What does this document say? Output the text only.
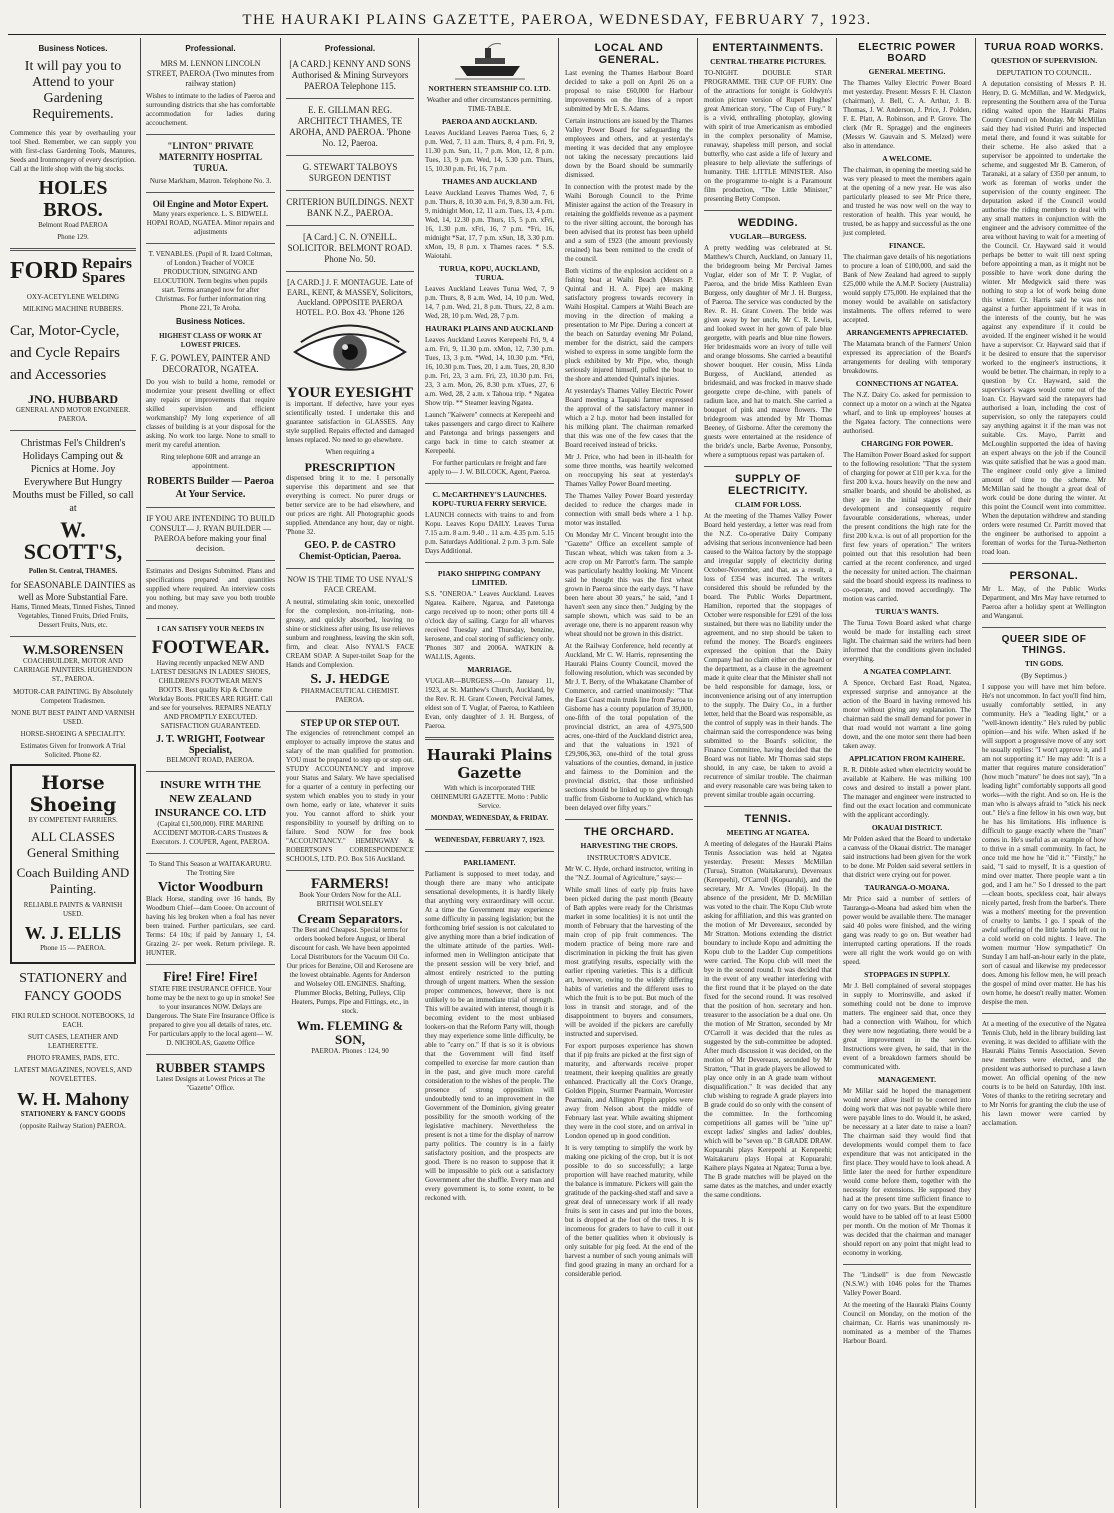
THE HAURAKI PLAINS GAZETTE, PAEROA, WEDNESDAY, FEBRUARY 7, 1923.
Business Notices.
It will pay you to Attend to your Gardening Requirements.

Commence this year by overhauling your tool Shed. Remember, we can supply you with first-class Gardening Tools, Manures, Seeds and Ironmongery of every description. Call at the little shop with the big stocks.

HOLES BROS.
Belmont Road PAEROA
Phone 129.
FORD Repairs
Spares
OXY-ACETYLENE WELDING
MILKING MACHINE RUBBERS.
Car, Motor-Cycle, and Cycle Repairs and Accessories
JNO. HUBBARD
GENERAL AND MOTOR ENGINEER. PAEROA.
Christmas Fel's Children's Holidays Camping out & Picnics at Home. Joy Everywhere But Hungry Mouths must be Filled, so call at
W. SCOTT'S,
Pollen St. Central, THAMES.
for SEASONABLE DAINTIES as well as More Substantial Fare.

Hams, Tinned Meats, Tinned Fishes, Tinned Vegetables, Tinned Fruits, Dried Fruits, Dessert Fruits, Nuts, etc.

W.M.SORENSEN
COACHBUILDER, MOTOR AND CARRIAGE PAINTERS. HUGHENDON ST., PAEROA.
MOTOR-CAR PAINTING. By Absolutely Competent Tradesmen.
NONE BUT BEST PAINT AND VARNISH USED.
HORSE-SHOEING A SPECIALITY.
Estimates Given for Ironwork A Trial Solicited. Phone 82.
Horse Shoeing
BY COMPETENT FARRIERS.
ALL CLASSES General Smithing
Coach Building AND Painting.
RELIABLE PAINTS & VARNISH USED.
W. J. ELLIS
Phone 15 — PAEROA.
STATIONERY and FANCY GOODS
FIKI RULED SCHOOL NOTEBOOKS, 1d EACH.
SUIT CASES, LEATHER AND LEATHERETTE.
PHOTO FRAMES, PADS, ETC.
LATEST MAGAZINES, NOVELS, AND NOVELETTES.
W. H. Mahony
STATIONERY & FANCY GOODS
(opposite Railway Station) PAEROA.
Professional.
MRS M. LENNON LINCOLN STREET, PAEROA (Two minutes from railway station)

Wishes to intimate to the ladies of Paeroa and surrounding districts that she has comfortable accommodation for ladies during accouchement.

"LINTON" PRIVATE MATERNITY HOSPITAL TURUA.
Nurse Markham, Matron. Telephone No. 3.
Oil Engine and Motor Expert.
Many years experience. L. S. BIDWELL HOPAI ROAD, NGATEA. Minor repairs and adjustments
T. VENABLES. (Pupil of R. Izard Coltman, of London.) Teacher of VOICE PRODUCTION, SINGING AND ELOCUTION. Term begins when pupils start. Terms arranged now for after Christmas. For further information ring Phone 221, Te Aroha.
Business Notices.
HIGHEST CLASS OF WORK AT LOWEST PRICES.
F. G. POWLEY, PAINTER AND DECORATOR, NGATEA.

Do you wish to build a home, remodel or modernize your present dwelling or effect any repairs or improvements that require skilled supervision and efficient workmanship? My long experience of all classes of building is at your disposal for the asking. No work too large. None to small to merit my careful attention.

Ring telephone 60R and arrange an appointment.
ROBERTS Builder — Paeroa At Your Service.
IF YOU ARE INTENDING TO BUILD CONSULT— J. RYAN BUILDER — PAEROA before making your final decision.

Estimates and Designs Submitted. Plans and specifications prepared and quantities supplied where required. An interview costs you nothing, but may save you both trouble and money.

I CAN SATISFY YOUR NEEDS IN
FOOTWEAR.
Having recently unpacked NEW AND LATEST DESIGNS IN LADIES' SHOES, CHILDREN'S FOOTWEAR MEN'S BOOTS. Best quality Kip & Chrome Workday Boots. PRICES ARE RIGHT. Call and see for yourselves. REPAIRS NEATLY AND PROMPTLY EXECUTED. SATISFACTION GUARANTEED.
J. T. WRIGHT, Footwear Specialist,
BELMONT ROAD, PAEROA.
INSURE WITH THE NEW ZEALAND INSURANCE CO. LTD
(Capital £1,500,000). FIRE MARINE ACCIDENT MOTOR-CARS Trustees & Executors. J. COUPER, Agent, PAEROA.
To Stand This Season at WAITAKARURU. The Trotting Sire
Victor Woodburn

Black Horse, standing over 16 hands, By Woodburn Chief—dam Cooee. On account of having his leg broken when a foal has never been trained. Further particulars, see card. Terms: £4 10s; if paid by January 1, £4. Grazing 2/- per week. Return privilege. R. HUNTER.

Fire! Fire! Fire!

STATE FIRE INSURANCE OFFICE. Your home may be the next to go up in smoke! See to your insurances NOW. Delays are Dangerous. The State Fire Insurance Office is prepared to give you all details of rates, etc. For particulars apply to the local agent— W. D. NICHOLAS, Gazette Office

RUBBER STAMPS
Latest Designs at Lowest Prices at The "Gazette" Office.
Professional.
[A CARD.] KENNY AND SONS Authorised & Mining Surveyors PAEROA Telephone 115.
E. E. GILLMAN REG. ARCHITECT THAMES, TE AROHA, AND PAEROA. 'Phone No. 12, Paeroa.
G. STEWART TALBOYS SURGEON DENTIST
CRITERION BUILDINGS. NEXT BANK N.Z., PAEROA.
[A Card.] C. N. O'NEILL. SOLICITOR. BELMONT ROAD. Phone No. 50.
[A CARD.] J. F. MONTAGUE. Late of EARL, KENT, & MASSEY, Solicitors, Auckland. OPPOSITE PAEROA HOTEL. P.O. Box 43. 'Phone 126
YOUR EYESIGHT

is important. If defective, have your eyes scientifically tested. I undertake this and guarantee satisfaction in GLASSES. Any style supplied. Repairs effected and damaged lenses replaced. No need to go elsewhere.

When requiring a
PRESCRIPTION

dispensed bring it to me. I personally supervise this department and see that everything is correct. No purer drugs or better service are to be had elsewhere, and our prices are right. All Photographic goods supplied. Attendance any hour, day or night. 'Phone 32.

GEO. P. de CASTRO
Chemist-Optician, Paeroa.
NOW IS THE TIME TO USE NYAL'S FACE CREAM.

A neutral, stimulating skin tonic, unexcelled for the complexion, non-irritating, non-greasy, and quickly absorbed, leaving no shine or stickiness after using. Its use relieves sunburn and roughness, leaving the skin soft, firm, and clear. Also NYAL'S FACE CREAM SOAP. A Super-toilet Soap for the Hands and Complexion.

S. J. HEDGE
PHARMACEUTICAL CHEMIST. PAEROA.
STEP UP OR STEP OUT.

The exigencies of retrenchment compel an employer to actually improve the status and salary of the man qualified for promotion. YOU must be prepared to step up or step out. STUDY ACCOUNTANCY and improve your Status and Salary. We have specialised for a quarter of a century in perfecting our system which enables you to study in your own home, early or late, whatever it suits you. You cannot afford to shirk your responsibility to yourself by drifting on to failure. Send NOW for free book "ACCOUNTANCY." HEMINGWAY & ROBERTSON'S CORRESPONDENCE SCHOOLS, LTD. P.O. Box 516 Auckland.

FARMERS!
Book Your Orders Now for the ALL BRITISH WOLSELEY
Cream Separators.

The Best and Cheapest. Special terms for orders booked before August, or liberal discount for cash. We have been appointed Local Distributors for the Vacuum Oil Co. Our prices for Benzine, Oil and Kerosene are the lowest obtainable. Agents for Anderson and Wolseley OIL ENGINES. Shafting, Plummer Blocks, Belting, Pulleys, Clip Heaters, Pumps, Pipe and Fittings, etc., in stock.

Wm. FLEMING & SON,
PAEROA. Phones : 124, 90
NORTHERN STEAMSHIP CO. LTD.
Weather and other circumstances permitting. TIME-TABLE.
PAEROA AND AUCKLAND.

Leaves Auckland Leaves Paeroa Tues, 6, 2 p.m. Wed, 7, 11 a.m. Thurs, 8, 4 p.m. Fri, 9, 11.30 p.m. Sun, 11, 7 p.m. Mon, 12, 8 p.m. Tues, 13, 9 p.m. Wed, 14, 5.30 p.m. Thurs, 15, 10.30 p.m. Fri, 16, 7 p.m.

THAMES AND AUCKLAND

Leave Auckland Leaves Thames Wed, 7, 6 p.m. Thurs, 8, 10.30 a.m. Fri, 9, 8.30 a.m. Fri, 9, midnight Mon, 12, 11 a.m. Tues, 13, 4 p.m. Wed, 14, 12.30 p.m. Thurs, 15, 5 p.m. xFri, 16, 1.30 p.m. xFri, 16, 7 p.m. *Fri, 16, midnight *Sat, 17, 7 p.m. xSun, 18, 3.30 p.m. xMon, 19, 8 p.m. x Thames races. * S.S. Waiotahi.

TURUA, KOPU, AUCKLAND, TURUA.

Leaves Auckland Leaves Turua Wed, 7, 9 p.m. Thurs, 8, 8 a.m. Wed, 14, 10 p.m. Wed, 14, 7 p.m. Wed, 21, 8 p.m. Thurs, 22, 8 a.m. Wed, 28, 10 p.m. Wed, 28, 7 p.m.

HAURAKI PLAINS AND AUCKLAND

Leaves Auckland Leaves Kerepeehi Fri, 9, 4 a.m. Fri, 9, 11.30 p.m. xMon, 12, 7.30 p.m. Tues, 13, 3 p.m. *Wed, 14, 10.30 p.m. *Fri, 16, 10.30 p.m. Tues, 20, 1 a.m. Tues, 20, 8.30 p.m. Fri, 23, 3 a.m. Fri, 23, 10.30 p.m. Fri, 23, 3 a.m. Mon, 26, 8.30 p.m. xTues, 27, 6 a.m. Wed, 28, 2 a.m. x Tahoua trip. * Ngatea Show trip. ** Steamer leaving Ngatea.

Launch "Kaiwere" connects at Kerepeehi and takes passengers and cargo direct to Kaihere and Patetonga and brings passengers and cargo back in time to catch steamer at Kerepeehi.

For further particulars re freight and fare apply to— J. W. BILCOCK, Agent, Paeroa.

C. McCARTHNEY'S LAUNCHES. KOPU-TURUA FERRY SERVICE.

LAUNCH connects with trains to and from Kopu. Leaves Kopu DAILY. Leaves Turua 7.15 a.m. 8 a.m. 9.40 .. 11 a.m. 4.35 p.m. 5.15 p.m. Saturdays Additional. 2 p.m. 3 p.m. Sale Days Additional.

PIAKO SHIPPING COMPANY LIMITED.

S.S. "ONEROA." Leaves Auckland. Leaves Ngatea. Kaihere, Ngarua, and Patetonga cargo received up to noon; other ports till 4 o'clock day of sailing. Cargo for all wharves received Tuesday and Thursday, benzine, kerosene, and coal storing of sufficiency only. 'Phones 307 and 2006A. WATKIN & WALLIS, Agents.

MARRIAGE.

VUGLAR—BURGESS.—On January 11, 1923, at St. Matthew's Church, Auckland, by the Rev. R. H. Grant Cowen, Percival James, eldest son of T. Vuglar, of Paeroa, to Kathleen Evan, only daughter of J. H. Burgess, of Paeroa.

Hauraki Plains Gazette
With which is incorporated THE OHINEMURI GAZETTE. Motto : Public Service.
MONDAY, WEDNESDAY, & FRIDAY.
WEDNESDAY, FEBRUARY 7, 1923.
PARLIAMENT.

Parliament is supposed to meet today, and though there are many who anticipate sensational developments, it is hardly likely that anything very extraordinary will occur. At a time the Government may experience some difficulty in passing legislation; but the forthcoming brief session is not calculated to give anything more than a brief indication of the ultimate attitude of the parties. Well-informed men in Wellington anticipate that the present session will be very brief, and almost entirely restricted to the putting through of urgent matters. When the session proper commences, however, there is not unlikely to be an immediate trial of strength. This will be awaited with interest, though it is becoming evident to the most unbiased lookers-on that the Reform Party will, though they may experience some little difficulty, be able to "carry on." If that is so it is obvious that the Government will find itself compelled to exercise far more caution than in the past, and give much more careful consideration to the wishes of the people. The presence of strong opposition will undoubtedly tend to an improvement in the Government of the Dominion, giving greater possibility for the smooth working of the legislative machinery. Nevertheless the present is not a time for the display of narrow party politics. The country is in a fairly satisfactory position, and the prospects are good. There is no reason to suppose that it will be impossible to pick out a satisfactory Government after the shuffle. Every man and every government is, to some extent, to be reckoned with.

LOCAL AND GENERAL.

Last evening the Thames Harbour Board decided to take a poll on April 26 on a proposal to raise £60,000 for Harbour improvements on the lines of a report submitted by Mr E. S. Adams.

Certain instructions are issued by the Thames Valley Power Board for safeguarding the employees and others, and at yesterday's meeting it was decided that any employee not taking the necessary precautions laid down by the Board should be summarily dismissed.

In connection with the protest made by the Waihi Borough Council to the Prime Minister against the action of the Treasury in retaining the goldfields revenue as a payment to the river silting account, the borough has been advised that its protest has been upheld and a sum of £923 (the amount previously retained) has been remitted to the credit of the council.

Both victims of the explosion accident on a fishing boat at Waihi Beach (Messrs P. Quintal and H. A. Pipe) are making satisfactory progress towards recovery in Waihi Hospital. Campers at Waihi Beach are moving in the direction of making a presentation to Mr Pipe. During a concert at the beach on Saturday evening Mr Poland, member for the district, said the campers wished to express in some tangible form the pluck exhibited by Mr Pipe, who, though seriously injured himself, pulled the boat to the shore and attended Quintal's injuries.

At yesterday's Thames Valley Electric Power Board meeting a Taupaki farmer expressed the approval of the satisfactory manner in which a 2 h.p. motor had been installed for his milking plant. The chairman remarked that this was one of the few cases that the Board received instead of bricks.

Mr J. Price, who had been in ill-health for some three months, was heartily welcomed on reoccupying his seat at yesterday's Thames Valley Power Board meeting.

The Thames Valley Power Board yesterday decided to reduce the charges made in connection with small beds where a 1 h.p. motor was installed.

On Monday Mr C. Vincent brought into the "Gazette" Office an excellent sample of Tuscan wheat, which was taken from a 3-acre crop on Mr Parrott's farm. The sample was particularly healthy looking. Mr Vincent said he thought this was the first wheat grown in Paeroa since the early days. "I have been here about 30 years," he said, "and I haven't seen any since then." Judging by the sample shown, which was said to be an average one, there is no apparent reason why wheat should not be grown in this district.

At the Railway Conference, held recently at Auckland, Mr C. W. Harris, representing the Hauraki Plains County Council, moved the following resolution, which was seconded by Mr J. T. Berry, of the Whakatane Chamber of Commerce, and carried unanimously: "That the East Coast main trunk line from Paeroa to Gisborne has a county population of 39,000, one-fifth of the total population of the provincial district, an area of 4,975,500 acres, one-third of the Auckland district area, and that the valuations in 1921 of £29,906,363, one-third of the total gross valuations of the counties, demand, in justice and fairness to the Dominion and the provincial district, that those unfinished sections should be linked up to give through traffic from Gisborne to Auckland, which has been delayed over fifty years."

THE ORCHARD.
HARVESTING THE CROPS.
INSTRUCTOR'S ADVICE.

Mr W. C. Hyde, orchard instructor, writing in the "N.Z. Journal of Agriculture," says:—

While small lines of early pip fruits have been picked during the past month (Beauty of Bath apples were ready for the Christmas market in some localities) it is not until the month of February that the harvesting of the main crop of pip fruit commences. The modern practice of being more rare and discrimination in picking the fruit has given most gratifying results, especially with the earlier ripening varieties. This is a difficult art, however, owing to the widely differing habits of varieties and the different uses to which the fruit is to be put. But much of the loss in transit and storage, and of the disappointment to buyers and consumers, will be avoided if the pickers are carefully instructed and supervised.

For export purposes experience has shown that if pip fruits are picked at the first sign of maturity, and afterwards receive proper treatment, their keeping qualities are greatly enhanced. Practically all the Cox's Orange, Golden Pippin, Sturmer Pearmain, Worcester Pearmain, and Allington Pippin apples were away from Nelson about the middle of February last year. While awaiting shipment they were in the cool store, and on arrival in London opened up in good condition.

It is very tempting to simplify the work by making one picking of the crop, but it is not possible to do so successfully; a large proportion will have reached maturity, while the balance is immature. Pickers will gain the gratitude of the packing-shed staff and save a great deal of unnecessary work if all ready fruits is sent in cases and put into the boxes, but is dropped at the foot of the trees. It is incomeous for graders to have to cull it out of the better qualities when it obviously is only suitable for pig feed. At the end of the harvest a number of such young animals will find good grazing in many an orchard for a considerable period.

ENTERTAINMENTS.
CENTRAL THEATRE PICTURES.

TO-NIGHT. DOUBLE STAR PROGRAMME. THE CUP OF FURY. One of the attractions for tonight is Goldwyn's motion picture version of Rupert Hughes' great American story, "The Cup of Fury." It is a vivid, enthralling photoplay, glowing with spirit of true Americanism as embodied in the complex personality of Mamise, runaway, shapeless mill person, and social butterfly, who cast aside a life of luxury and pleasure to help alleviate the sufferings of humanity. THE LITTLE MINISTER. Also on the programme to-night is a Paramount film production, "The Little Minister," presenting Betty Compson.

WEDDING.
VUGLAR—BURGESS.

A pretty wedding was celebrated at St. Matthew's Church, Auckland, on January 11, the bridegroom being Mr Percival James Vuglar, elder son of Mr T. P. Vuglar, of Paeroa, and the bride Miss Kathleen Evan Burgess, only daughter of Mr J. H. Burgess, of Paeroa. The service was conducted by the Rev. R. H. Grant Cowen. The bride was given away by her uncle, Mr C. R. Lewis, and looked sweet in her gown of pale blue georgette, with pearls and blue nine flowers. Her bridesmaids wore an ivory of tulle veil and orange blossoms. She carried a beautiful shower bouquet. Her cousin, Miss Linda Burgess, of Auckland, attended as bridesmaid, and was frocked in mauve shade georgette crepe de-chine, with panels of radium lace, and hat to match. She carried a bouquet of pink and mauve flowers. The bridegroom was attended by Mr Thomas Beeney, of Gisborne. After the ceremony the guests were entertained at the residence of the bride's uncle, Barbe Avenue, Ponsonby, where a sumptuous repast was partaken of.

SUPPLY OF ELECTRICITY.
CLAIM FOR LOSS.

At the meeting of the Thames Valley Power Board held yesterday, a letter was read from the N.Z. Co-operative Dairy Company advising that serious inconvenience had been caused to the Waitoa factory by the stoppage and irregular supply of electricity during October-November, and that, as a result, a loss of £354 was incurred. The writers considered this should be refunded by the board. The Public Works Department, Hamilton, reported that the stoppages of October were responsible for £291 of the loss sustained, but there was no liability under the agreement, and no step should be taken to refund the money. The Board's engineers expressed the opinion that the Dairy Company had no claim either on the board or the department, as a clause in the agreement made it quite clear that the Minister shall not be held responsible for damage, loss, or inconvenience arising out of any interruption to the supply. The Dairy Co., in a further letter, held that the Board was responsible, as the control of supply was in their hands. The chairman said the correspondence was being submitted to the Board's solicitor, the Finance Committee, having decided that the Board was not liable. Mr Thomas said steps should, in any case, be taken to avoid a recurrence of similar trouble. The chairman and every reasonable care was being taken to prevent similar trouble again occurring.

TENNIS.
MEETING AT NGATEA.

A meeting of delegates of the Hauraki Plains Tennis Association was held at Ngatea yesterday. Present: Messrs McMillan (Turua), Stratton (Waitakaruru), Devereaux (Kerepeehi), O'Carroll (Kopuarahi), and the secretary, Mr A. Vowles (Hopai). In the absence of the president, Mr D. McMillan was voted to the chair. The Kopu Club wrote asking for affiliation, and this was granted on the motion of Mr Devereaux, seconded by Mr Stratton. Motions extending the district boundary to include Kopu and admitting the Kopu club to the Ladder Cup competitions were carried. The Kopu club will meet the bye in the second round. It was decided that in the event of any weather interfering with the first round that it be played on the date fixed for the second round. It was resolved that the position of hon. secretary and hon. treasurer to the association be a dual one. On the motion of Mr Stratton, seconded by Mr O'Carroll it was decided that the rules as suggested by the sub-committee be adopted. After much discussion it was decided, on the motion of Mr Devereaux, seconded by Mr Stratton, "That in grade players be allowed to play once only in an A grade team without disqualification." It was decided that any club wishing to regrade A grade players into B grade could do so only with the consent of the committee. In the forthcoming competitions all games will be "nine up" except ladies' singles and ladies' doubles, which will be "seven up." B GRADE DRAW. Kopuarahi plays Kerepeehi at Kerepeehi; Waitakaruru plays Hopai at Kopuarahi; Kaihere plays Ngatea at Ngatea; Turua a bye. The B grade matches will be played on the same dates as the matches, and under exactly the same conditions.

ELECTRIC POWER BOARD
GENERAL MEETING.

The Thames Valley Electric Power Board met yesterday. Present: Messrs F. H. Claxton (chairman), J. Bell, C. A. Arthur, J. B. Thomas, J. W. Anderson, J. Price, J. Polden, F. E. Platt, A. Robinson, and P. Grove. The clerk (Mr R. Spragge) and the engineers (Messrs W. Gauvain and S. Melzed) were also in attendance.

A WELCOME.

The chairman, in opening the meeting said he was very pleased to meet the members again at the opening of a new year. He was also particularly pleased to see Mr Price there, and trusted he was now well on the way to restoration of health. This year would, he trusted, be as happy and successful as the one just completed.

FINANCE.

The chairman gave details of his negotiations to procure a loan of £100,000, and said the Bank of New Zealand had agreed to supply £25,000 while the A.M.P. Society (Australia) would supply £75,000. He explained that the money would be available on satisfactory instalments. The offers referred to were accepted.

ARRANGEMENTS APPRECIATED.

The Matamata branch of the Farmers' Union expressed its appreciation of the Board's arrangements for dealing with temporary breakdowns.

CONNECTIONS AT NGATEA.

The N.Z. Dairy Co. asked for permission to connect up a motor on a winch at the Ngatea wharf, and to link up employees' houses at the Ngatea factory. The connections were authorised.

CHARGING FOR POWER.

The Hamilton Power Board asked for support to the following resolution: "That the system of charging for power at £10 per k.v.a. for the first 200 k.v.a. hours heavily on the new and smaller boards, and should be abolished, as they are in the initial stages of their development and consequently require favourable considerations, whereas, under the present conditions the high rate for the first 200 k.v.a. is out of all proportion for the first few years of operation." The writers pointed out that this resolution had been carried at the recent conference, and urged the necessity for united action. The chairman said the board should express its readiness to co-operate, and moved accordingly. The motion was carried.

TURUA'S WANTS.

The Turua Town Board asked what charge would be made for installing each street light. The chairman said the writers had been informed that the conditions given included everything.

A NGATEA COMPLAINT.

A Spence, Orchard East Road, Ngatea, expressed surprise and annoyance at the action of the Board in having removed his motor without giving any explanation. The chairman said the small demand for power in that road would not warrant a line going down, and the one motor sent there had been taken away.

APPLICATION FROM KAIHERE.

R. R. Dibble asked when electricity would be available at Kaihere. He was milking 100 cows and desired to install a power plant. The manager and engineer were instructed to find out the exact location and communicate with the applicant accordingly.

OKAUAI DISTRICT.

Mr Polden asked that the Board to undertake a canvass of the Okauai district. The manager said instructions had been given for the work to be done. Mr Polden said several settlers in that district were crying out for power.

TAURANGA-O-MOANA.

Mr Price said a number of settlers of Tauranga-o-Moana had asked him when the power would be available there. The manager said 40 poles were finished, and the wiring gang was ready to go on. But weather had interrupted carting operations. If the roads were all right the work would go on with speed.

STOPPAGES IN SUPPLY.

Mr J. Bell complained of several stoppages in supply to Morrinsville, and asked if something could not be done to improve matters. The engineer said that, once they had a connection with Waihou, for which they were now negotiating, there would be a great improvement in the service. Instructions were given, he said, that in the event of a breakdown farmers should be communicated with.

MANAGEMENT.

Mr Millar said he hoped the management would never allow itself to be coerced into doing work that was not payable while there were payable lines to do. Would it, he asked, be necessary at a later date to raise a loan? The chairman said they would find that developments would compel them to face expenditure that was not anticipated in the first place. They would have to look ahead. A little later the need for further expenditure would come before them, together with the necessity for extensions. He supposed they had at the present time sufficient finance to carry on for two years. But the expenditure would have to be tabled off to at least £5000 per month. On the motion of Mr Thomas it was decided that the chairman and manager should report on any point that might lead to economy in working.

The "Lindsell" is due from Newcastle (N.S.W.) with 1046 poles for the Thames Valley Power Board.

At the meeting of the Hauraki Plains County Council on Monday, on the motion of the chairman, Cr. Harris was unanimously re-nominated as a member of the Thames Harbour Board.

TURUA ROAD WORKS.
QUESTION OF SUPERVISION.
DEPUTATION TO COUNCIL.

A deputation consisting of Messrs P. H. Henry, D. G. McMillan, and W. Medgwick, representing the Southern area of the Turua riding waited upon the Hauraki Plains County Council on Monday. Mr McMillan said they had visited Puriri and inspected metal there, and found it was suitable for their scheme. He also asked that a supervisor be appointed to undertake the scheme, and suggested Mr B. Cameron, of Taranaki, at a salary of £350 per annum, to work as foreman of works under the supervision of the county engineer. The deputation asked if the Council would authorise the riding members to deal with any small matters in conjunction with the engineer and the advisory committee of the area without having to wait for a meeting of the Council. Cr. Hayward said it would perhaps be better to wait till next spring before appointing a man, as it might not be possible to have work done during the winter. Mr Medgwick said there was nothing to stop a lot of work being done this winter. Cr. Harris said he was not against a further appointment if it was in the interests of the county, but he was against any expenditure if it could be avoided. If the engineer wished it he would have a supervisor. Cr. Hayward said that if it be desired to ensure that the supervisor worked to the engineer's instructions, it would be better. The chairman, in reply to a question by Cr. Hayward, said the supervisor's wages would come out of the loan. Cr. Hayward said the ratepayers had authorised a loan, including the cost of supervision, so only the ratepayers could say anything against it if the man was not suitable. Crs. Mayo, Parritt and McLoughlin supported the idea of having an expert always on the job if the Council was quite satisfied that he was a good man. The engineer could only give a limited amount of time to the scheme. Mr McMillan said he thought a great deal of work could be done during the winter. At this point the Council went into committee. When the deputation withdrew and standing orders were resumed Cr. Parritt moved that the engineer be authorised to appoint a foreman of works for the Turua-Netherton road loan.

PERSONAL.

Mr L. May, of the Public Works Department, and Mrs May have returned to Paeroa after a holiday spent at Wellington and Wanganui.

QUEER SIDE OF THINGS.
TIN GODS.
(By Septimus.)

I suppose you will have met him before. He's not uncommon. In fact you'll find him, usually comfortably settled, in any community. He's a "leading light," or a "well-known identity." He's ruled by public opinion—and his wife. When asked if he will support a progressive move of any sort he usually replies: "I won't approve it, and I am not supporting it." He may add: "It is a matter that requires mature consideration" (how much "mature" he does not say), "In a leading light" comfortably supports all good works—with the right. And so on. He is the man who is always afraid to "stick his neck out." He's a fine fellow in his own way, but he has his limitations. His influence is difficult to gauge exactly where the "man" comes in. He's useful as an example of how to thrive in a small community. In fact, he once told me how he "did it." "Firstly," he said, "I said to myself, It is a question of mind over matter. There people want a tin god, and I am he." So I dressed to the part—clean boots, speckless coat, hair always nicely parted, fresh from the barber's. There was a mothers' meeting for the prevention of cruelty to lambs. I go. I speak of the awful suffering of the little lambs left out in a cold world on cold nights. I leave. The women murmur 'How sympathetic!' On Sunday I am half-an-hour early in the plate, sort of casual and likewise my predecessor does. Among his fellow men, he will preach the gospel of mind over matter. He has his own home, he doesn't really matter. Women despise the men.

At a meeting of the executive of the Ngatea Tennis Club, held in the library building last evening, it was decided to affiliate with the Hauraki Plains Tennis Association. Seven new members were elected, and the president was authorised to purchase a lawn mower. An official opening of the new courts is to be held on Saturday, 10th inst. Votes of thanks to the retiring secretary and to Mr Norris for granting the club the use of his lawn mower were carried by acclamation.
